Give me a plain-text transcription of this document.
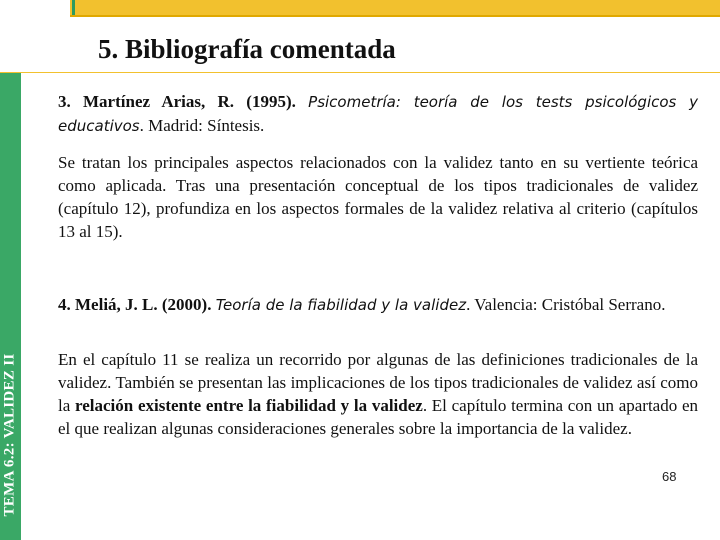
5. Bibliografía comentada
TEMA 6.2: VALIDEZ II

3. Martínez Arias, R. (1995). Psicometría: teoría de los tests psicológicos y educativos. Madrid: Síntesis.

Se tratan los principales aspectos relacionados con la validez tanto en su vertiente teórica como aplicada. Tras una presentación conceptual de los tipos tradicionales de validez (capítulo 12), profundiza en los aspectos formales de la validez relativa al criterio (capítulos 13 al 15).

4. Meliá, J. L. (2000). Teoría de la fiabilidad y la validez. Valencia: Cristóbal Serrano.

En el capítulo 11 se realiza un recorrido por algunas de las definiciones tradicionales de la validez. También se presentan las implicaciones de los tipos tradicionales de validez así como la relación existente entre la fiabilidad y la validez. El capítulo termina con un apartado en el que realizan algunas consideraciones generales sobre la importancia de la validez.

68
